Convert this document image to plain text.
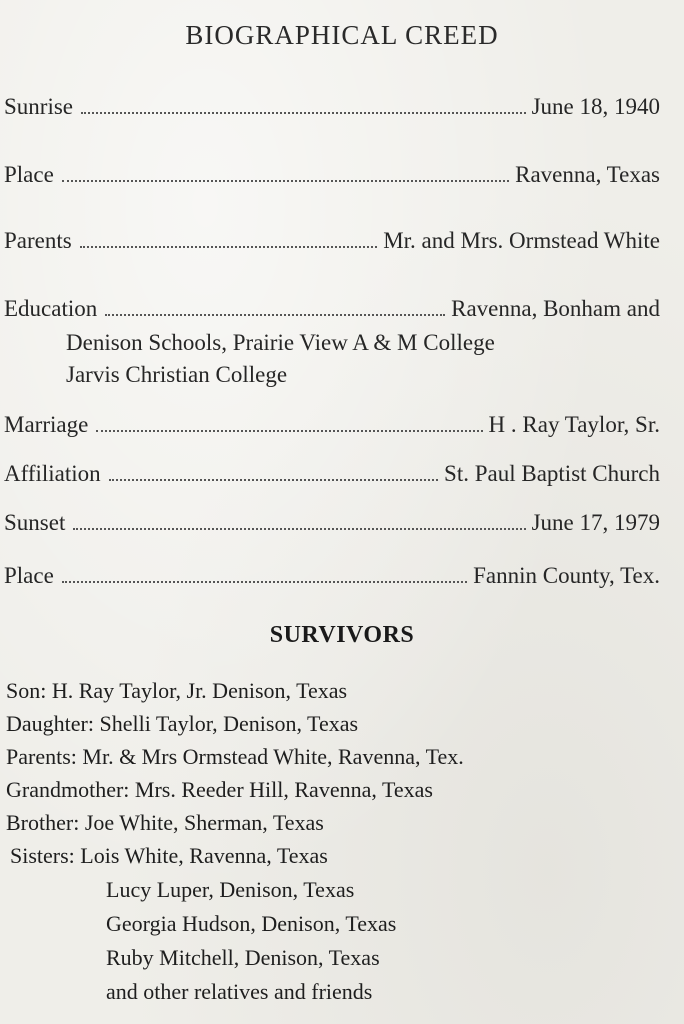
BIOGRAPHICAL CREED
Sunrise	June 18, 1940
Place	Ravenna, Texas
Parents	Mr. and Mrs. Ormstead White
Education	Ravenna, Bonham and
Denison Schools, Prairie View A & M College
Jarvis Christian College
Marriage	H . Ray Taylor, Sr.
Affiliation	St. Paul Baptist Church
Sunset	June 17, 1979
Place	Fannin County, Tex.
SURVIVORS
Son: H. Ray Taylor, Jr. Denison, Texas
Daughter: Shelli Taylor, Denison, Texas
Parents: Mr. & Mrs Ormstead White, Ravenna, Tex.
Grandmother: Mrs. Reeder Hill, Ravenna, Texas
Brother: Joe White, Sherman, Texas
Sisters: Lois White, Ravenna, Texas
Lucy Luper, Denison, Texas
Georgia Hudson, Denison, Texas
Ruby Mitchell, Denison, Texas
and other relatives and friends
